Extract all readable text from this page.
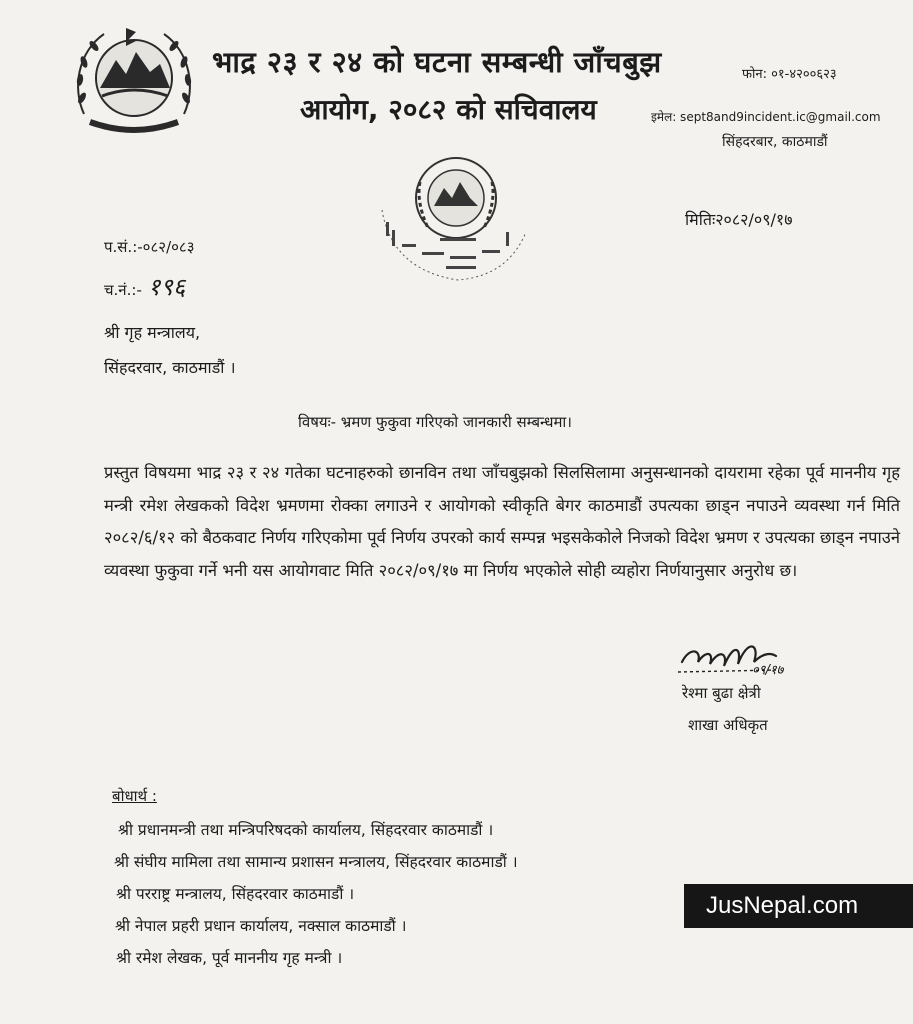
भाद्र २३ र २४ को घटना सम्बन्धी जाँचबुझ
आयोग, २०८२ को सचिवालय
फोन: ०१-४२००६२३
इमेल: sept8and9incident.ic@gmail.com
सिंहदरबार, काठमाडौं
मितिः२०८२/०९/१७
प.सं.:-०८२/०८३
च.नं.:- १९६
श्री गृह मन्त्रालय,
सिंहदरवार, काठमाडौं ।
विषयः- भ्रमण फुकुवा गरिएको जानकारी सम्बन्धमा।
प्रस्तुत विषयमा भाद्र २३ र २४ गतेका घटनाहरुको छानविन तथा जाँचबुझको सिलसिलामा अनुसन्धानको दायरामा रहेका पूर्व माननीय गृह मन्त्री रमेश लेखकको विदेश भ्रमणमा रोक्का लगाउने र आयोगको स्वीकृति बेगर काठमाडौं उपत्यका छाड्न नपाउने व्यवस्था गर्न मिति २०८२/६/१२ को बैठकवाट निर्णय गरिएकोमा पूर्व निर्णय उपरको कार्य सम्पन्न भइसकेकोले निजको विदेश भ्रमण र उपत्यका छाड्न नपाउने व्यवस्था फुकुवा गर्ने भनी यस आयोगवाट मिति २०८२/०९/१७ मा निर्णय भएकोले सोही व्यहोरा निर्णयानुसार अनुरोध छ।
०९/१७
रेश्मा बुढा क्षेत्री
शाखा अधिकृत
बोधार्थ :
श्री प्रधानमन्त्री तथा मन्त्रिपरिषदको कार्यालय, सिंहदरवार काठमाडौं ।
श्री संघीय मामिला तथा सामान्य प्रशासन मन्त्रालय, सिंहदरवार काठमाडौं ।
श्री परराष्ट्र मन्त्रालय, सिंहदरवार काठमाडौं ।
श्री नेपाल प्रहरी प्रधान कार्यालय, नक्साल काठमाडौं ।
श्री रमेश लेखक, पूर्व माननीय गृह मन्त्री ।
JusNepal.com
